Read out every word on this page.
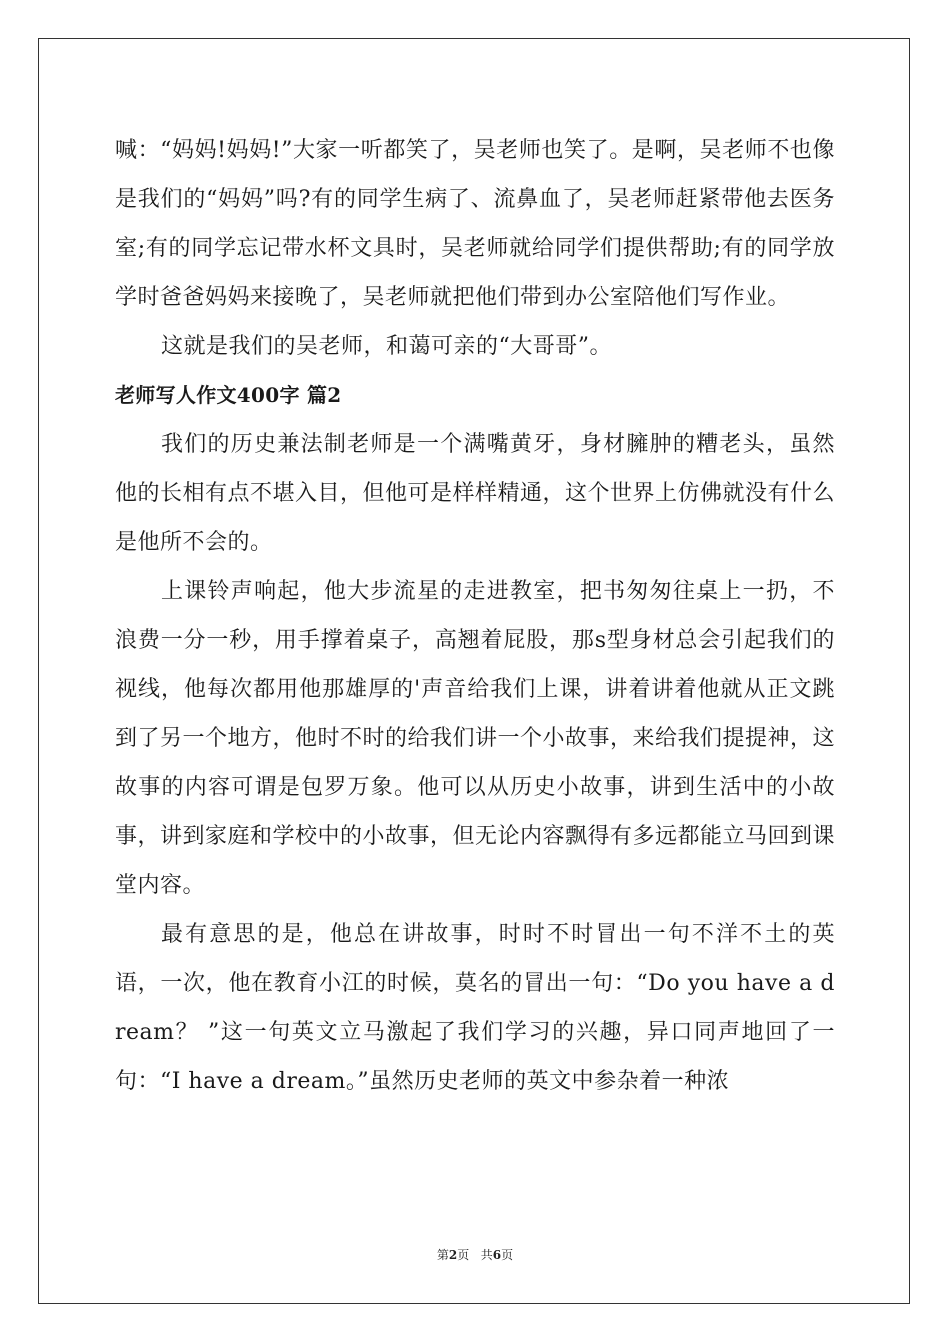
喊：“妈妈!妈妈!”大家一听都笑了，吴老师也笑了。是啊，吴老师不也像是我们的“妈妈”吗?有的同学生病了、流鼻血了，吴老师赶紧带他去医务室;有的同学忘记带水杯文具时，吴老师就给同学们提供帮助;有的同学放学时爸爸妈妈来接晚了，吴老师就把他们带到办公室陪他们写作业。

这就是我们的吴老师，和蔼可亲的“大哥哥”。

老师写人作文400字 篇2

我们的历史兼法制老师是一个满嘴黄牙，身材臃肿的糟老头，虽然他的长相有点不堪入目，但他可是样样精通，这个世界上仿佛就没有什么是他所不会的。

上课铃声响起，他大步流星的走进教室，把书匆匆往桌上一扔，不浪费一分一秒，用手撑着桌子，高翘着屁股，那s型身材总会引起我们的视线，他每次都用他那雄厚的'声音给我们上课，讲着讲着他就从正文跳到了另一个地方，他时不时的给我们讲一个小故事，来给我们提提神，这故事的内容可谓是包罗万象。他可以从历史小故事，讲到生活中的小故事，讲到家庭和学校中的小故事，但无论内容飘得有多远都能立马回到课堂内容。

最有意思的是，他总在讲故事，时时不时冒出一句不洋不土的英语，一次，他在教育小江的时候，莫名的冒出一句：“Do you have a dream？ ”这一句英文立马激起了我们学习的兴趣，异口同声地回了一句：“I have a dream。”虽然历史老师的英文中参杂着一种浓

第2页 共6页
